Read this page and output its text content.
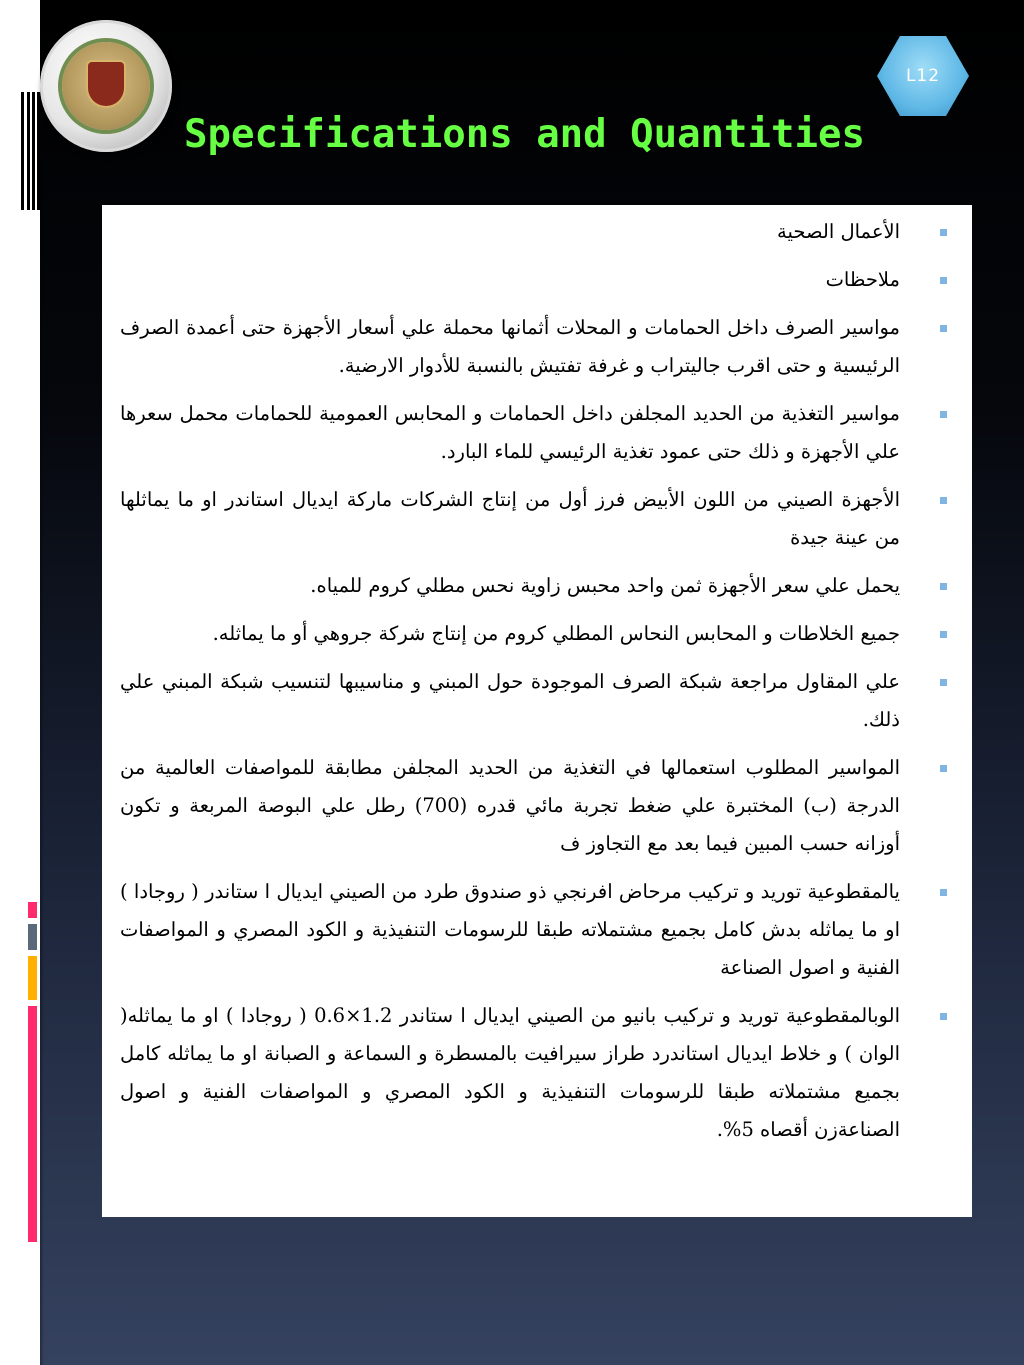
L12
Specifications and Quantities
الأعمال الصحية
ملاحظات
مواسير الصرف داخل الحمامات و المحلات أثمانها محملة علي أسعار الأجهزة حتى أعمدة الصرف الرئيسية و حتى اقرب جاليتراب و غرفة تفتيش بالنسبة للأدوار الارضية.
مواسير التغذية من الحديد المجلفن داخل الحمامات و المحابس العمومية للحمامات محمل سعرها علي الأجهزة و ذلك حتى عمود تغذية الرئيسي للماء البارد.
الأجهزة الصيني من اللون الأبيض فرز أول من إنتاج الشركات ماركة ايديال استاندر او ما يماثلها من عينة جيدة
يحمل علي سعر الأجهزة ثمن واحد محبس زاوية نحس مطلي كروم للمياه.
جميع الخلاطات و المحابس النحاس المطلي كروم من إنتاج شركة جروهي أو ما يماثله.
علي المقاول مراجعة شبكة الصرف الموجودة حول المبني و مناسيبها لتنسيب شبكة المبني علي ذلك.
المواسير المطلوب استعمالها في التغذية من الحديد المجلفن مطابقة للمواصفات العالمية من الدرجة (ب) المختبرة علي ضغط تجربة مائي قدره (700) رطل علي البوصة المربعة و تكون أوزانه حسب المبين فيما بعد مع التجاوز ف
يالمقطوعية توريد و تركيب مرحاض افرنجي ذو صندوق طرد من الصيني ايديال ا ستاندر ( روجادا ) او ما يماثله بدش كامل بجميع مشتملاته طبقا للرسومات التنفيذية و الكود المصري و المواصفات الفنية و اصول الصناعة
الوبالمقطوعية توريد و تركيب بانيو من الصيني ايديال ا ستاندر 1.2×0.6 ( روجادا ) او ما يماثله( الوان ) و خلاط ايديال استاندرد طراز سيرافيت بالمسطرة و السماعة و الصبانة او ما يماثله كامل بجميع مشتملاته طبقا للرسومات التنفيذية و الكود المصري و المواصفات الفنية و اصول الصناعةزن أقصاه 5%.
